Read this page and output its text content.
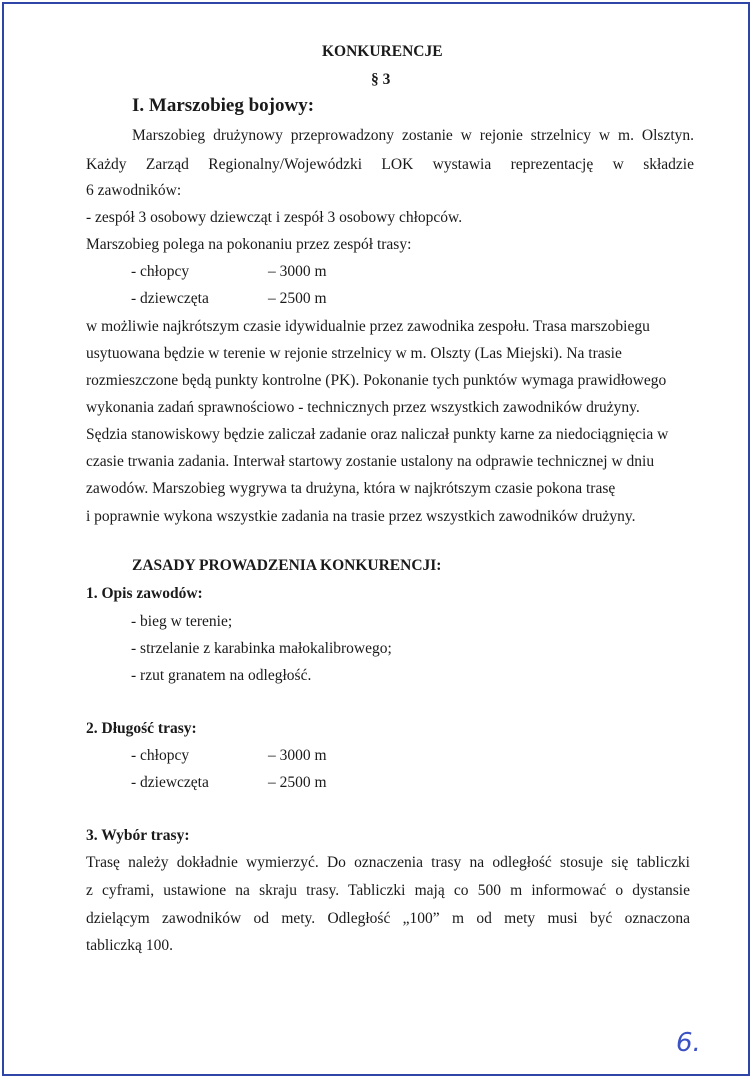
KONKURENCJE
§ 3
I. Marszobieg bojowy:
Marszobieg drużynowy przeprowadzony zostanie w rejonie strzelnicy w m. Olsztyn.
Każdy Zarząd Regionalny/Wojewódzki LOK wystawia reprezentację w składzie
6 zawodników:
- zespół 3 osobowy dziewcząt i zespół 3 osobowy chłopców.
Marszobieg polega na pokonaniu przez zespół trasy:
- chłopcy	– 3000 m
- dziewczęta	– 2500 m
w możliwie najkrótszym czasie idywidualnie przez zawodnika zespołu. Trasa marszobiegu
usytuowana będzie w terenie w rejonie strzelnicy w m. Olszty (Las Miejski). Na trasie
rozmieszczone będą punkty kontrolne (PK). Pokonanie tych punktów wymaga prawidłowego
wykonania zadań sprawnościowo - technicznych przez wszystkich zawodników drużyny.
Sędzia stanowiskowy będzie zaliczał zadanie oraz naliczał punkty karne za niedociągnięcia w
czasie trwania zadania. Interwał startowy zostanie ustalony na odprawie technicznej w dniu
zawodów. Marszobieg wygrywa ta drużyna, która w najkrótszym czasie pokona trasę
i poprawnie wykona wszystkie zadania na trasie przez wszystkich zawodników drużyny.
ZASADY PROWADZENIA KONKURENCJI:
1. Opis zawodów:
- bieg w terenie;
- strzelanie z karabinka małokalibrowego;
- rzut granatem na odległość.
2. Długość trasy:
- chłopcy	– 3000 m
- dziewczęta	– 2500 m
3. Wybór trasy:
Trasę należy dokładnie wymierzyć. Do oznaczenia trasy na odległość stosuje się tabliczki
z cyframi, ustawione na skraju trasy. Tabliczki mają co 500 m informować o dystansie
dzielącym zawodników od mety. Odległość „100” m od mety musi być oznaczona
tabliczką 100.
6.
